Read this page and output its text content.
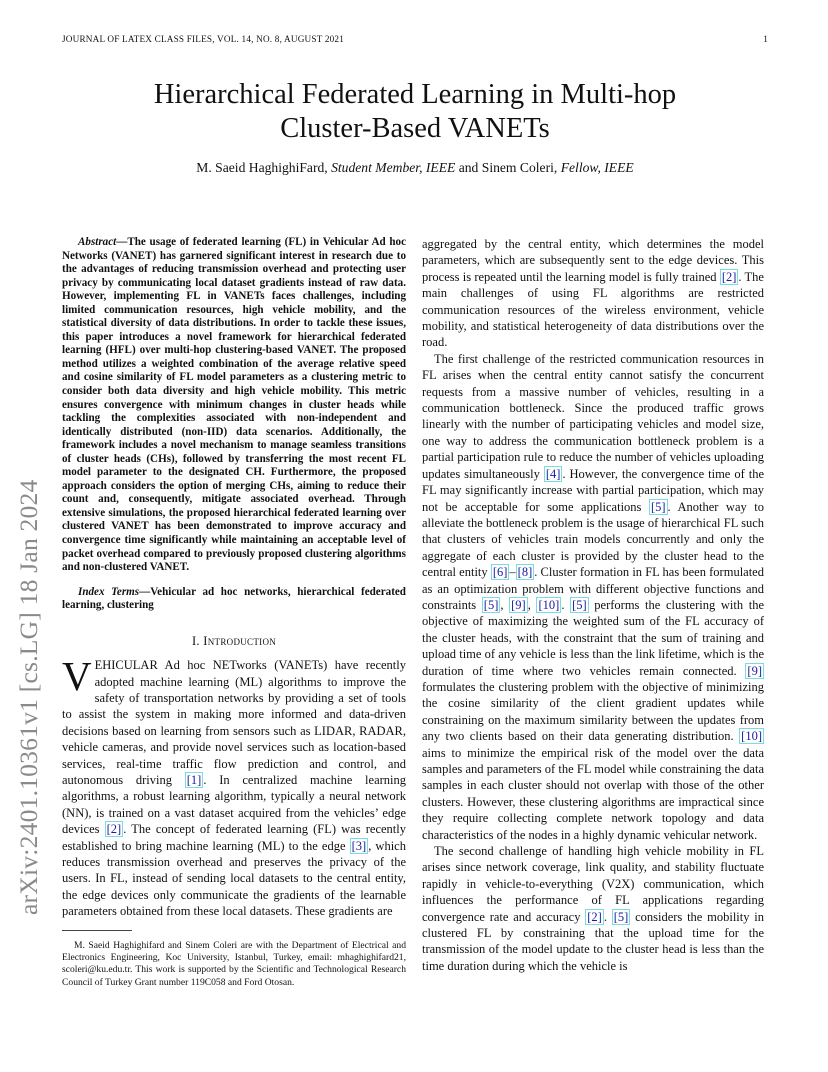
JOURNAL OF LATEX CLASS FILES, VOL. 14, NO. 8, AUGUST 2021	1
Hierarchical Federated Learning in Multi-hop
Cluster-Based VANETs
M. Saeid HaghighiFard, Student Member, IEEE and Sinem Coleri, Fellow, IEEE
arXiv:2401.10361v1 [cs.LG] 18 Jan 2024

Abstract—The usage of federated learning (FL) in Vehicular Ad hoc Networks (VANET) has garnered significant interest in research due to the advantages of reducing transmission overhead and protecting user privacy by communicating local dataset gradients instead of raw data. However, implementing FL in VANETs faces challenges, including limited communication resources, high vehicle mobility, and the statistical diversity of data distributions. In order to tackle these issues, this paper introduces a novel framework for hierarchical federated learning (HFL) over multi-hop clustering-based VANET. The proposed method utilizes a weighted combination of the average relative speed and cosine similarity of FL model parameters as a clustering metric to consider both data diversity and high vehicle mobility. This metric ensures convergence with minimum changes in cluster heads while tackling the complexities associated with non-independent and identically distributed (non-IID) data scenarios. Additionally, the framework includes a novel mechanism to manage seamless transitions of cluster heads (CHs), followed by transferring the most recent FL model parameter to the designated CH. Furthermore, the proposed approach considers the option of merging CHs, aiming to reduce their count and, consequently, mitigate associated overhead. Through extensive simulations, the proposed hierarchical federated learning over clustered VANET has been demonstrated to improve accuracy and convergence time significantly while maintaining an acceptable level of packet overhead compared to previously proposed clustering algorithms and non-clustered VANET.

Index Terms—Vehicular ad hoc networks, hierarchical federated learning, clustering

I. Introduction

VEHICULAR Ad hoc NETworks (VANETs) have recently adopted machine learning (ML) algorithms to improve the safety of transportation networks by providing a set of tools to assist the system in making more informed and data-driven decisions based on learning from sensors such as LIDAR, RADAR, vehicle cameras, and provide novel services such as location-based services, real-time traffic flow prediction and control, and autonomous driving [1] . In centralized machine learning algorithms, a robust learning algorithm, typically a neural network (NN), is trained on a vast dataset acquired from the vehicles’ edge devices [2] . The concept of federated learning (FL) was recently established to bring machine learning (ML) to the edge [3] , which reduces transmission overhead and preserves the privacy of the users. In FL, instead of sending local datasets to the central entity, the edge devices only communicate the gradients of the learnable parameters obtained from these local datasets. These gradients are

M. Saeid Haghighifard and Sinem Coleri are with the Department of Electrical and Electronics Engineering, Koc University, Istanbul, Turkey, email: mhaghighifard21, scoleri@ku.edu.tr. This work is supported by the Scientific and Technological Research Council of Turkey Grant number 119C058 and Ford Otosan.

aggregated by the central entity, which determines the model parameters, which are subsequently sent to the edge devices. This process is repeated until the learning model is fully trained [2] . The main challenges of using FL algorithms are restricted communication resources of the wireless environment, vehicle mobility, and statistical heterogeneity of data distributions over the road.

The first challenge of the restricted communication resources in FL arises when the central entity cannot satisfy the concurrent requests from a massive number of vehicles, resulting in a communication bottleneck. Since the produced traffic grows linearly with the number of participating vehicles and model size, one way to address the communication bottleneck problem is a partial participation rule to reduce the number of vehicles uploading updates simultaneously [4] . However, the convergence time of the FL may significantly increase with partial participation, which may not be acceptable for some applications [5] . Another way to alleviate the bottleneck problem is the usage of hierarchical FL such that clusters of vehicles train models concurrently and only the aggregate of each cluster is provided by the cluster head to the central entity [6] – [8] . Cluster formation in FL has been formulated as an optimization problem with different objective functions and constraints [5] , [9] , [10] . [5] performs the clustering with the objective of maximizing the weighted sum of the FL accuracy of the cluster heads, with the constraint that the sum of training and upload time of any vehicle is less than the link lifetime, which is the duration of time where two vehicles remain connected. [9] formulates the clustering problem with the objective of minimizing the cosine similarity of the client gradient updates while constraining on the maximum similarity between the updates from any two clients based on their data generating distribution. [10] aims to minimize the empirical risk of the model over the data samples and parameters of the FL model while constraining the data samples in each cluster should not overlap with those of the other clusters. However, these clustering algorithms are impractical since they require collecting complete network topology and data characteristics of the nodes in a highly dynamic vehicular network.

The second challenge of handling high vehicle mobility in FL arises since network coverage, link quality, and stability fluctuate rapidly in vehicle-to-everything (V2X) communication, which influences the performance of FL applications regarding convergence rate and accuracy [2] . [5] considers the mobility in clustered FL by constraining that the upload time for the transmission of the model update to the cluster head is less than the time duration during which the vehicle is
